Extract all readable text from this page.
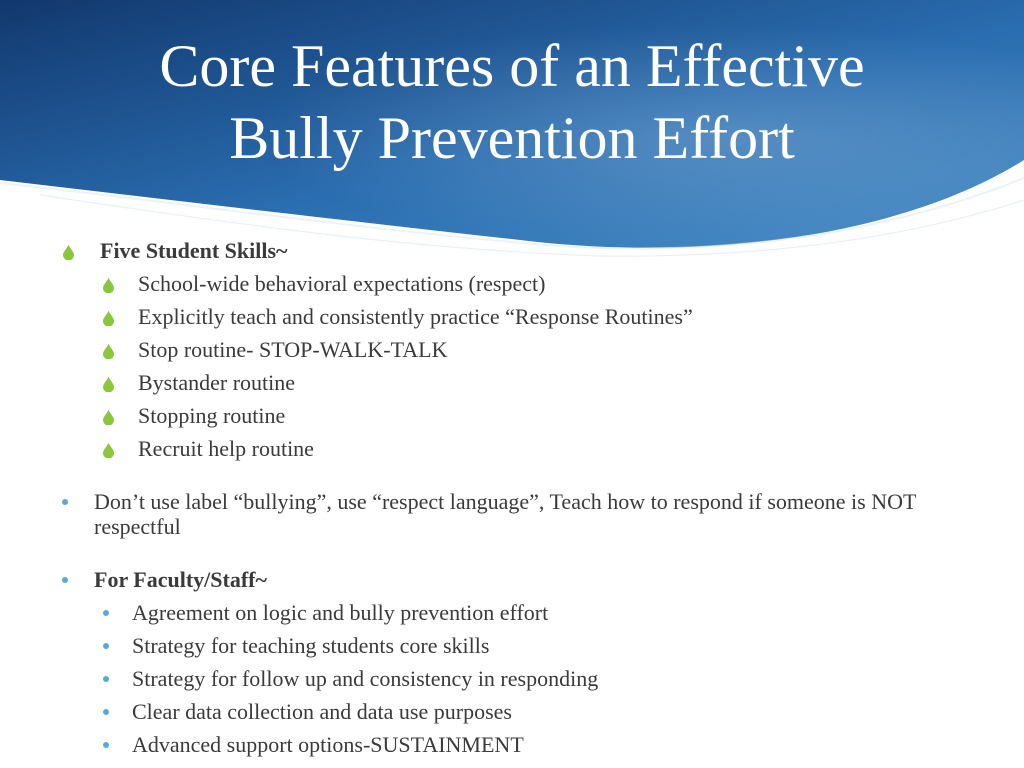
Core Features of an Effective
Bully Prevention Effort
Five Student Skills~
School-wide behavioral expectations (respect)
Explicitly teach and consistently practice “Response Routines”
Stop routine- STOP-WALK-TALK
Bystander routine
Stopping routine
Recruit help routine
Don’t use label “bullying”, use “respect language”, Teach how to respond if someone is NOT respectful
For Faculty/Staff~
Agreement on logic and bully prevention effort
Strategy for teaching students core skills
Strategy for follow up and consistency in responding
Clear data collection and data use purposes
Advanced support options-SUSTAINMENT
